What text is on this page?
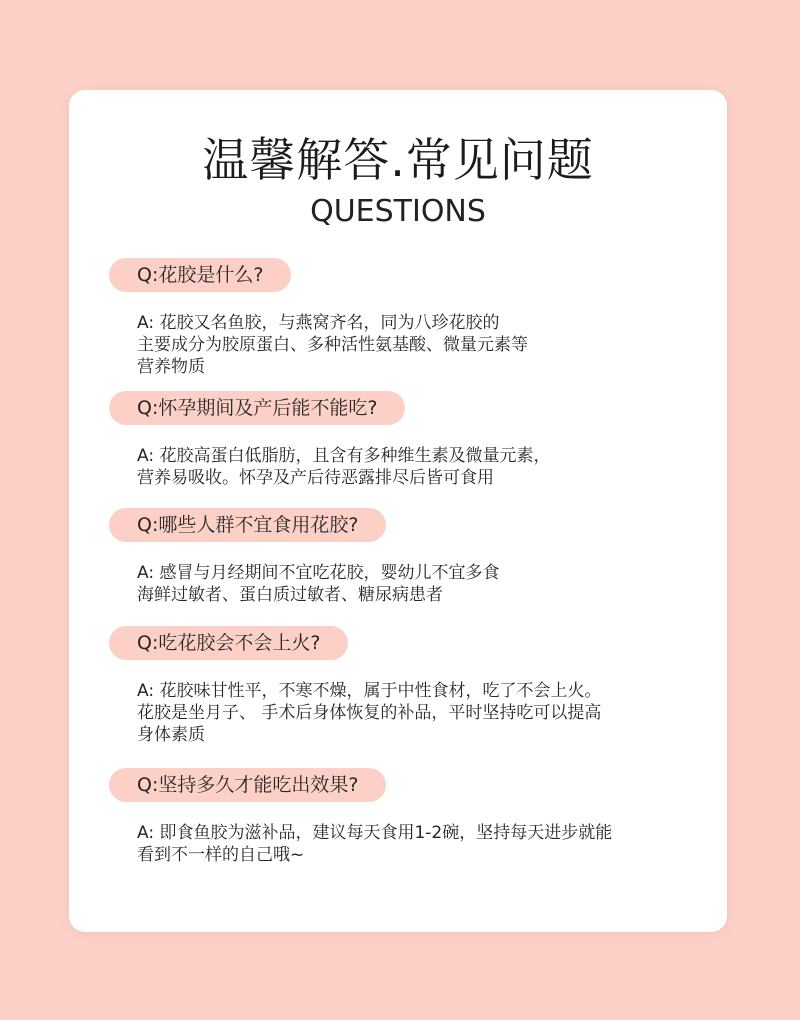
温馨解答.常见问题
QUESTIONS
Q:花胶是什么?
A: 花胶又名鱼胶，与燕窝齐名，同为八珍花胶的
主要成分为胶原蛋白、多种活性氨基酸、微量元素等
营养物质
Q:怀孕期间及产后能不能吃?
A: 花胶高蛋白低脂肪，且含有多种维生素及微量元素，
营养易吸收。怀孕及产后待恶露排尽后皆可食用
Q:哪些人群不宜食用花胶?
A: 感冒与月经期间不宜吃花胶，婴幼儿不宜多食
海鲜过敏者、蛋白质过敏者、糖尿病患者
Q:吃花胶会不会上火?
A: 花胶味甘性平，不寒不燥，属于中性食材，吃了不会上火。
花胶是坐月子、 手术后身体恢复的补品，平时坚持吃可以提高
身体素质
Q:坚持多久才能吃出效果?
A: 即食鱼胶为滋补品，建议每天食用1-2碗，坚持每天进步就能
看到不一样的自己哦~
